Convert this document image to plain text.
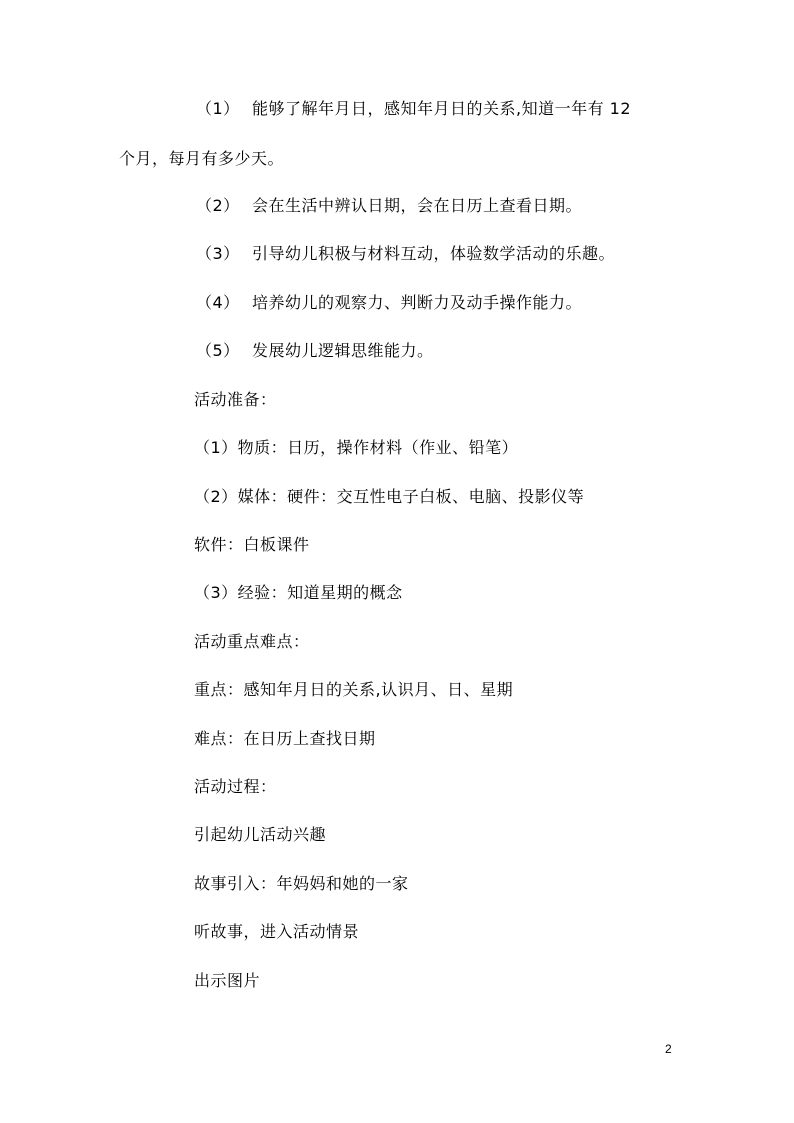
（1） 能够了解年月日，感知年月日的关系,知道一年有 12
个月，每月有多少天。
（2） 会在生活中辨认日期，会在日历上查看日期。
（3） 引导幼儿积极与材料互动，体验数学活动的乐趣。
（4） 培养幼儿的观察力、判断力及动手操作能力。
（5） 发展幼儿逻辑思维能力。
活动准备：
（1）物质：日历，操作材料（作业、铅笔）
（2）媒体：硬件：交互性电子白板、电脑、投影仪等
软件：白板课件
（3）经验：知道星期的概念
活动重点难点：
重点：感知年月日的关系,认识月、日、星期
难点：在日历上查找日期
活动过程：
引起幼儿活动兴趣
故事引入：年妈妈和她的一家
听故事，进入活动情景
出示图片
2
